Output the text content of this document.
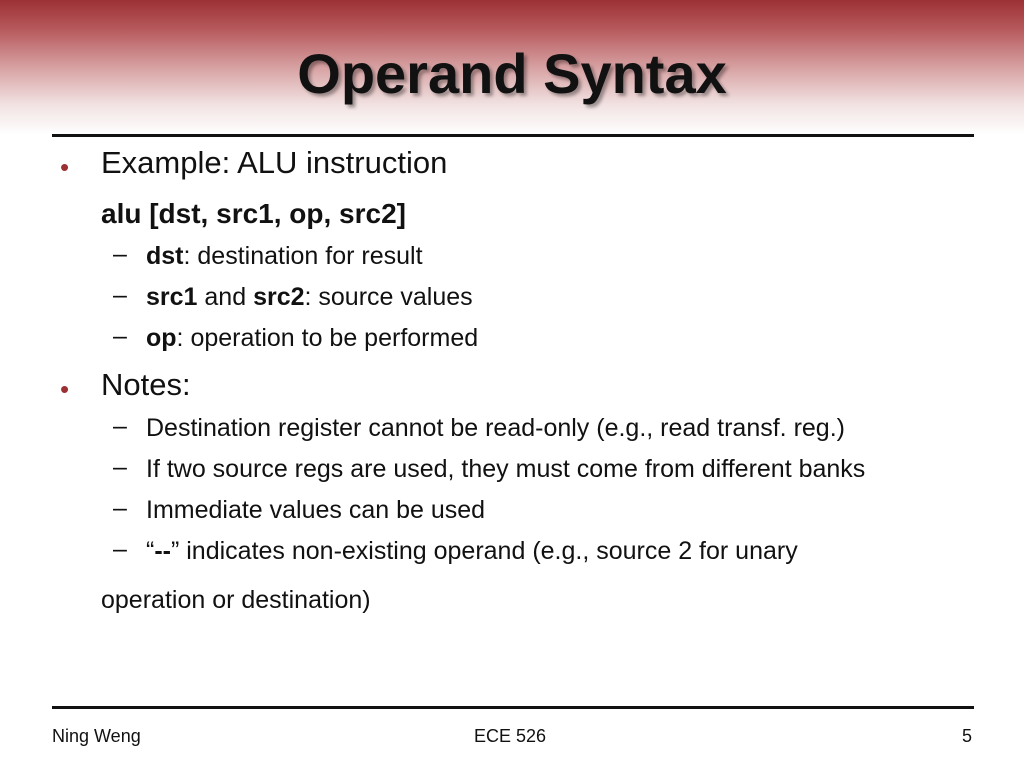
Operand Syntax
• Example: ALU instruction
alu [dst, src1, op, src2]
– dst: destination for result
– src1 and src2: source values
– op: operation to be performed
• Notes:
– Destination register cannot be read-only (e.g., read transf. reg.)
– If two source regs are used, they must come from different banks
– Immediate values can be used
– “--” indicates non-existing operand (e.g., source 2 for unary
operation or destination)
Ning Weng	ECE 526	5
